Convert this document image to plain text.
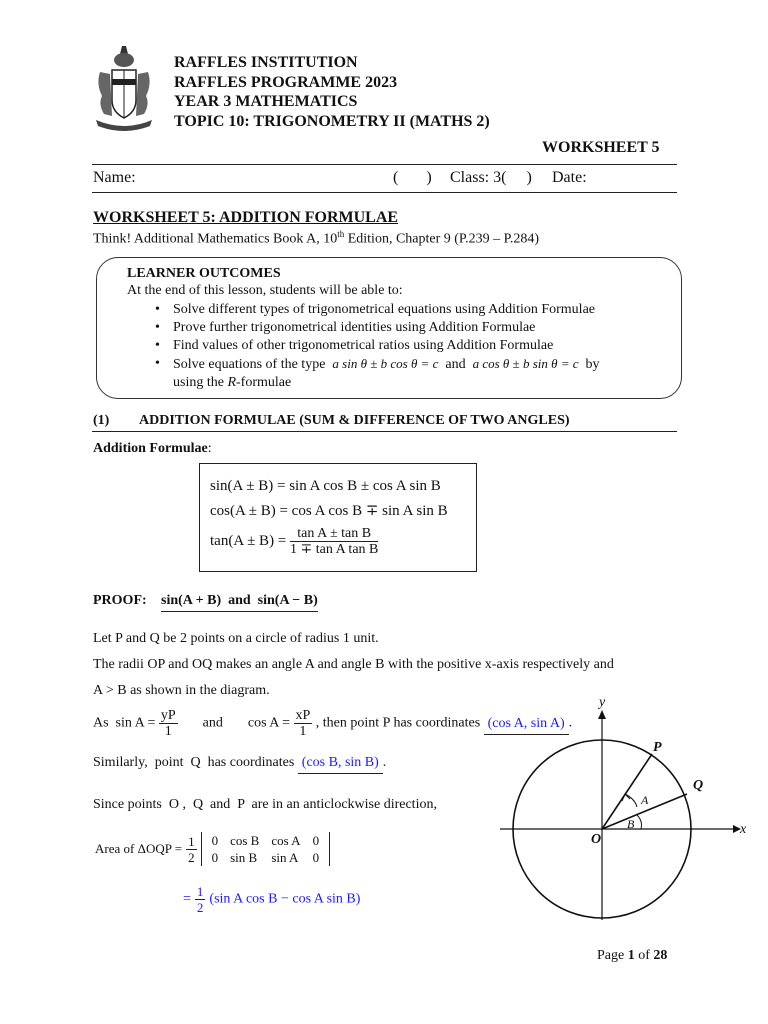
RAFFLES INSTITUTION
RAFFLES PROGRAMME 2023
YEAR 3 MATHEMATICS
TOPIC 10: TRIGONOMETRY II (MATHS 2)
WORKSHEET 5
Name:	(       ) Class: 3(     ) Date:
WORKSHEET 5: ADDITION FORMULAE
Think! Additional Mathematics Book A, 10th Edition, Chapter 9 (P.239 – P.284)
LEARNER OUTCOMES
At the end of this lesson, students will be able to:
• Solve different types of trigonometrical equations using Addition Formulae
• Prove further trigonometrical identities using Addition Formulae
• Find values of other trigonometrical ratios using Addition Formulae
• Solve equations of the type a sin θ ± b cos θ = c and a cos θ ± b sin θ = c by
using the R-formulae
(1) ADDITION FORMULAE (SUM & DIFFERENCE OF TWO ANGLES)
Addition Formulae:
sin(A ± B) = sin A cos B ± cos A sin B
cos(A ± B) = cos A cos B ∓ sin A sin B
$\tan(A \pm B) = \frac{\text{tan A ± tan B}}{\text{1 ∓ tan A tan B}}$
PROOF: sin(A + B)  and  sin(A − B)
Let P and Q be 2 points on a circle of radius 1 unit.
The radii OP and OQ makes an angle A and angle B with the positive x-axis respectively and
A > B as shown in the diagram.
As  $\sin A = \frac{yP}{1}$ and $\cos A = \frac{xP}{1}$ , then point P has coordinates (cos A, sin A) .
Similarly,  point  Q  has coordinates (cos B, sin B) .
Since points  O ,  Q  and  P  are in an anticlockwise direction,
Area of $\Delta OQP = \frac{1}{2}$
0	cos B	cos A	0
0	sin B	sin A	0
= $\frac{1}{2} (\sin$ A cos B − cos A sin B)
y
x
O
P
Q
A
B
Page 1 of 28
